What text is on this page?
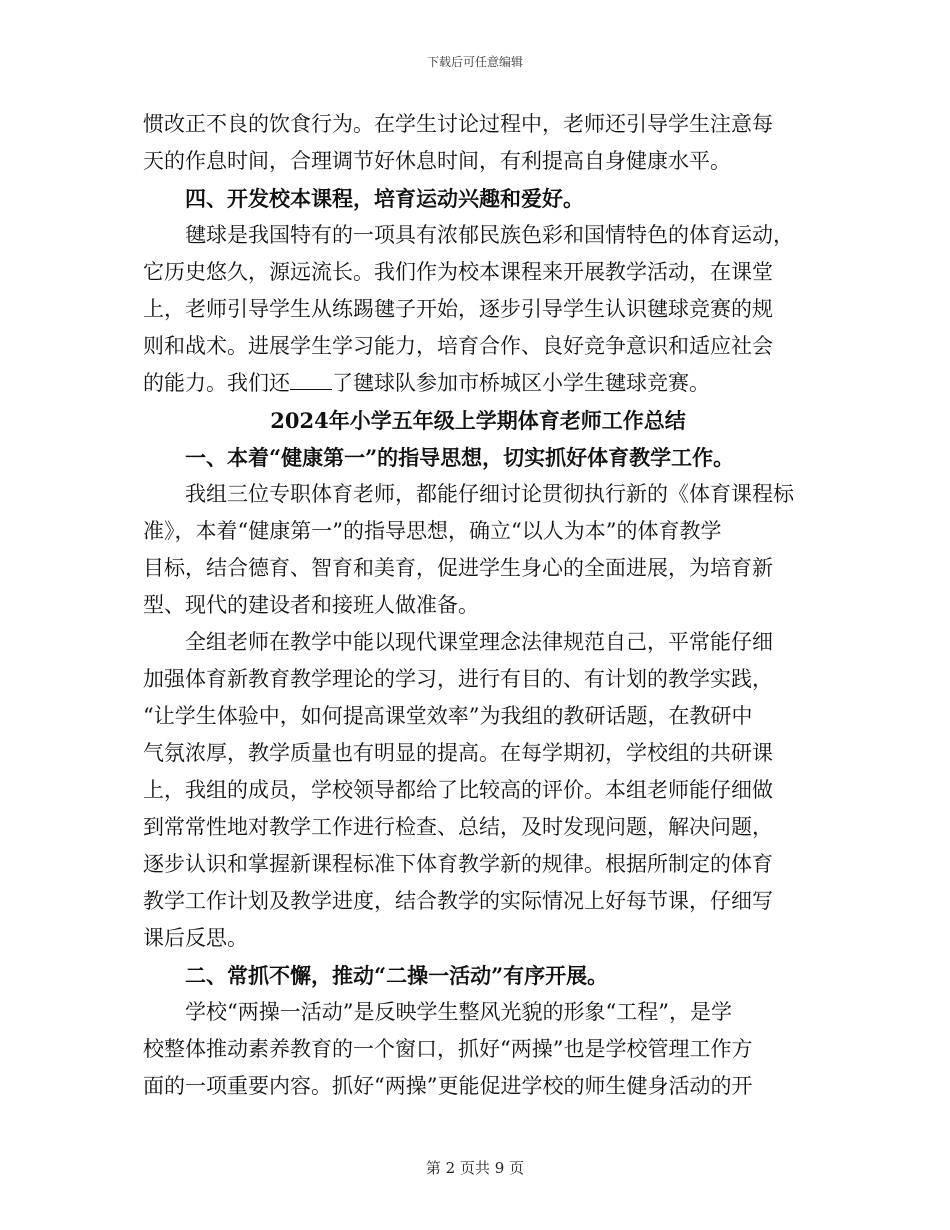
下载后可任意编辑
惯改正不良的饮食行为。在学生讨论过程中，老师还引导学生注意每
天的作息时间，合理调节好休息时间，有利提高自身健康水平。
四、开发校本课程，培育运动兴趣和爱好。
毽球是我国特有的一项具有浓郁民族色彩和国情特色的体育运动，
它历史悠久，源远流长。我们作为校本课程来开展教学活动，在课堂
上，老师引导学生从练踢毽子开始，逐步引导学生认识毽球竞赛的规
则和战术。进展学生学习能力，培育合作、良好竞争意识和适应社会
的能力。我们还 了毽球队参加市桥城区小学生毽球竞赛。
2024年小学五年级上学期体育老师工作总结
一、本着“健康第一”的指导思想，切实抓好体育教学工作。
我组三位专职体育老师，都能仔细讨论贯彻执行新的《体育课程标
准》，本着“健康第一”的指导思想，确立“以人为本”的体育教学
目标，结合德育、智育和美育，促进学生身心的全面进展，为培育新
型、现代的建设者和接班人做准备。
全组老师在教学中能以现代课堂理念法律规范自己，平常能仔细
加强体育新教育教学理论的学习，进行有目的、有计划的教学实践，
“让学生体验中，如何提高课堂效率”为我组的教研话题，在教研中
气氛浓厚，教学质量也有明显的提高。在每学期初，学校组的共研课
上，我组的成员，学校领导都给了比较高的评价。本组老师能仔细做
到常常性地对教学工作进行检查、总结，及时发现问题，解决问题，
逐步认识和掌握新课程标准下体育教学新的规律。根据所制定的体育
教学工作计划及教学进度，结合教学的实际情况上好每节课，仔细写
课后反思。
二、常抓不懈，推动“二操一活动”有序开展。
学校“两操一活动”是反映学生整风光貌的形象“工程”，是学
校整体推动素养教育的一个窗口，抓好“两操”也是学校管理工作方
面的一项重要内容。抓好“两操”更能促进学校的师生健身活动的开
第 2 页共 9 页
